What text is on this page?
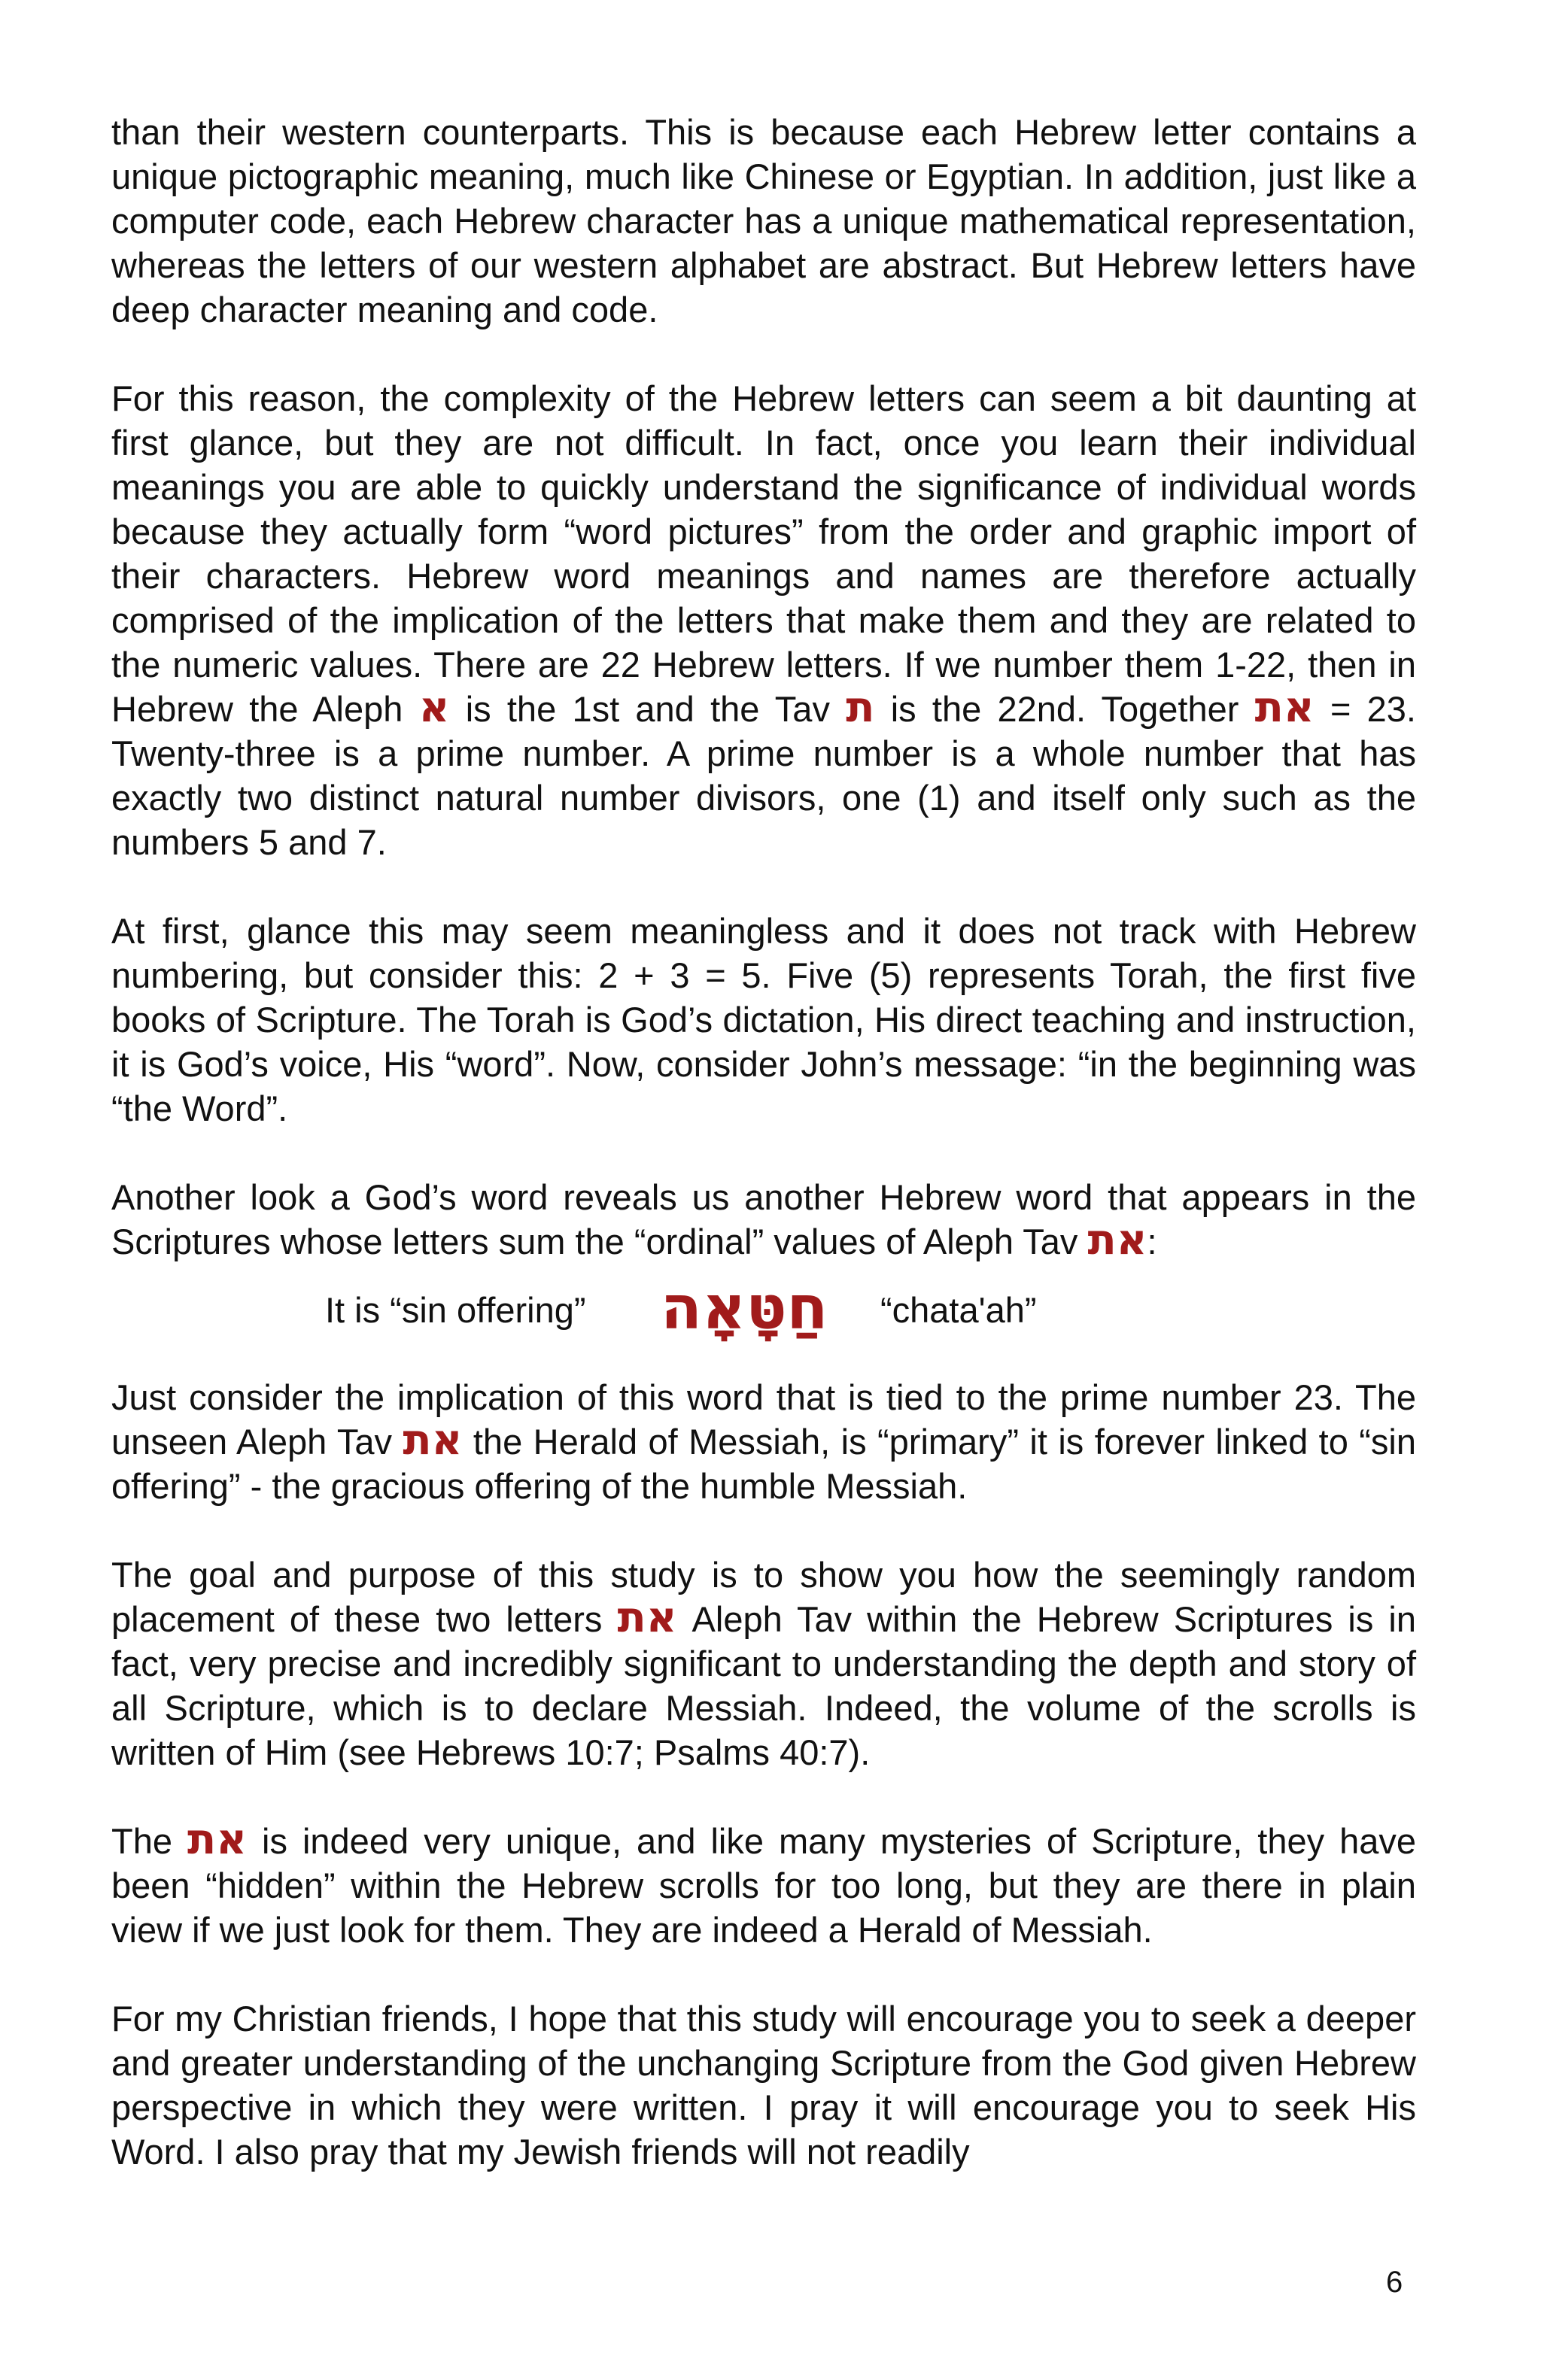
than their western counterparts. This is because each Hebrew letter contains a unique pictographic meaning, much like Chinese or Egyptian. In addition, just like a computer code, each Hebrew character has a unique mathematical representation, whereas the letters of our western alphabet are abstract. But Hebrew letters have deep character meaning and code.

For this reason, the complexity of the Hebrew letters can seem a bit daunting at first glance, but they are not difficult. In fact, once you learn their individual meanings you are able to quickly understand the significance of individual words because they actually form “word pictures” from the order and graphic import of their characters. Hebrew word meanings and names are therefore actually comprised of the implication of the letters that make them and they are related to the numeric values. There are 22 Hebrew letters. If we number them 1-22, then in Hebrew the Aleph א is the 1st and the Tav ת is the 22nd. Together את = 23. Twenty-three is a prime number. A prime number is a whole number that has exactly two distinct natural number divisors, one (1) and itself only such as the numbers 5 and 7.

At first, glance this may seem meaningless and it does not track with Hebrew numbering, but consider this: 2 + 3 = 5. Five (5) represents Torah, the first five books of Scripture. The Torah is God’s dictation, His direct teaching and instruction, it is God’s voice, His “word”. Now, consider John’s message: “in the beginning was “the Word”.

Another look a God’s word reveals us another Hebrew word that appears in the Scriptures whose letters sum the “ordinal” values of Aleph Tav את:

It is “sin offering” חַטָּאָה “chata'ah”

Just consider the implication of this word that is tied to the prime number 23. The unseen Aleph Tav את the Herald of Messiah, is “primary” it is forever linked to “sin offering” - the gracious offering of the humble Messiah.

The goal and purpose of this study is to show you how the seemingly random placement of these two letters את Aleph Tav within the Hebrew Scriptures is in fact, very precise and incredibly significant to understanding the depth and story of all Scripture, which is to declare Messiah. Indeed, the volume of the scrolls is written of Him (see Hebrews 10:7; Psalms 40:7).

The את is indeed very unique, and like many mysteries of Scripture, they have been “hidden” within the Hebrew scrolls for too long, but they are there in plain view if we just look for them. They are indeed a Herald of Messiah.

For my Christian friends, I hope that this study will encourage you to seek a deeper and greater understanding of the unchanging Scripture from the God given Hebrew perspective in which they were written. I pray it will encourage you to seek His Word. I also pray that my Jewish friends will not readily

6
